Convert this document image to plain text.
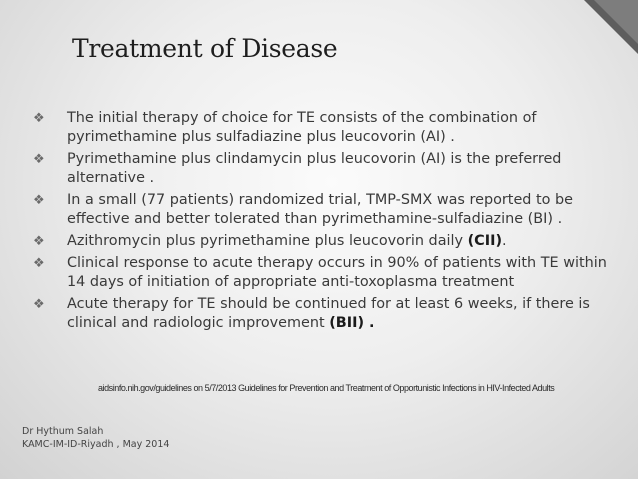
Treatment of Disease
❖	The initial therapy of choice for TE consists of the combination of pyrimethamine plus sulfadiazine plus leucovorin (AI) .
❖	Pyrimethamine plus clindamycin plus leucovorin (AI) is the preferred alternative .
❖	In a small (77 patients) randomized trial, TMP-SMX was reported to be effective and better tolerated than pyrimethamine-sulfadiazine (BI) .
❖	Azithromycin plus pyrimethamine plus leucovorin daily (CII).
❖	Clinical response to acute therapy occurs in 90% of patients with TE within 14 days of initiation of appropriate anti-toxoplasma treatment
❖	Acute therapy for TE should be continued for at least 6 weeks, if there is clinical and radiologic improvement (BII) .
aidsinfo.nih.gov/guidelines on 5/7/2013 Guidelines for Prevention and Treatment of Opportunistic Infections in HIV-Infected Adults
Dr Hythum Salah
KAMC-IM-ID-Riyadh , May 2014
